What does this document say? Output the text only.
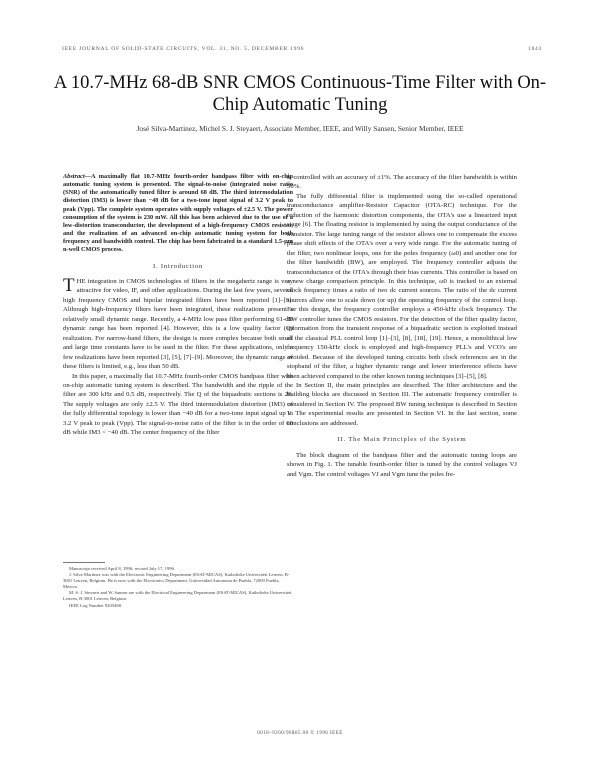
IEEE JOURNAL OF SOLID-STATE CIRCUITS, VOL. 31, NO. 5, DECEMBER 1996	1843
A 10.7-MHz 68-dB SNR CMOS Continuous-Time Filter with On-Chip Automatic Tuning
José Silva-Martinez, Michel S. J. Steyaert, Associate Member, IEEE, and Willy Sansen, Senior Member, IEEE

Abstract—A maximally flat 10.7-MHz fourth-order bandpass filter with on-chip automatic tuning system is presented. The signal-to-noise (integrated noise ratio (SNR) of the automatically tuned filter is around 68 dB. The third intermodulation distortion (IM3) is lower than −40 dB for a two-tone input signal of 3.2 V peak to peak (Vpp). The complete system operates with supply voltages of ±2.5 V. The power consumption of the system is 230 mW. All this has been achieved due to the use of a low-distortion transconductor, the development of a high-frequency CMOS resistor, and the realization of an advanced on-chip automatic tuning system for both frequency and bandwidth control. The chip has been fabricated in a standard 1.5-μm n-well CMOS process.

I. Introduction

THE integration in CMOS technologies of filters in the megahertz range is very attractive for video, IF, and other applications. During the last few years, several high frequency CMOS and bipolar integrated filters have been reported [1]–[9]. Although high-frequency filters have been integrated, these realizations present a relatively small dynamic range. Recently, a 4-MHz low pass filter performing 61-dB dynamic range has been reported [4]. However, this is a low quality factor (Q) realization. For narrow-band filters, the design is more complex because both small and large time constants have to be used in the filter. For these applications, only a few realizations have been reported [3], [5], [7]–[9]. Moreover, the dynamic range of these filters is limited, e.g., less than 50 dB.

In this paper, a maximally flat 10.7-MHz fourth-order CMOS bandpass filter with on-chip automatic tuning system is described. The bandwidth and the ripple of the filter are 300 kHz and 0.5 dB, respectively. The Q of the biquadratic sections is 20. The supply voltages are only ±2.5 V. The third intermodulation distortion (IM3) of the fully differential topology is lower than −40 dB for a two-tone input signal up to 3.2 V peak to peak (Vpp). The signal-to-noise ratio of the filter is in the order of 68 dB while IM3 < −40 dB. The center frequency of the filter

Manuscript received April 8, 1996; revised July 17, 1996.

J. Silva-Martinez was with the Electronic Engineering Department (ESAT-MICAS), Katholieke Universiteit Leuven, B-3001 Leuven, Belgium. He is now with the Electronics Department, Universidad Autonoma de Puebla, 72000 Puebla, Mexico.

M. S. J. Steyaert and W. Sansen are with the Electrical Engineering Department (ESAT-MICAS), Katholieke Universiteit Leuven, B-3001 Leuven, Belgium.

IEEE Log Number 9205468.

is controlled with an accuracy of ±1%. The accuracy of the filter bandwidth is within 50%.

The fully differential filter is implemented using the so-called operational transconductance amplifier-Resistor Capacitor (OTA-RC) technique. For the reduction of the harmonic distortion components, the OTA's use a linearized input stage [6]. The floating resistor is implemented by using the output conductance of the transistor. The large tuning range of the resistor allows one to compensate the excess phase shift effects of the OTA's over a very wide range. For the automatic tuning of the filter, two nonlinear loops, one for the poles frequency (ω0) and another one for the filter bandwidth (BW), are employed. The frequency controller adjusts the transconductance of the OTA's through their bias currents. This controller is based on a new charge comparison principle. In this technique, ω0 is tracked to an external clock frequency times a ratio of two dc current sources. The ratio of the dc current sources allow one to scale down (or up) the operating frequency of the control loop. For this design, the frequency controller employs a 450-kHz clock frequency. The BW controller tunes the CMOS resistors. For the detection of the filter quality factor, information from the transient response of a biquadratic section is exploited instead of the classical PLL control loop [1]–[3], [8], [18], [19]. Hence, a monolithical low frequency 150-kHz clock is employed and high-frequency PLL's and VCO's are avoided. Because of the developed tuning circuits both clock references are in the stopband of the filter, a higher dynamic range and lower interference effects have been achieved compared to the other known tuning techniques [3]–[5], [8].

In Section II, the main principles are described. The filter architecture and the building blocks are discussed in Section III. The automatic frequency controller is considered in Section IV. The proposed BW tuning technique is described in Section V. The experimental results are presented in Section VI. In the last section, some conclusions are addressed.

II. The Main Principles of the System

The block diagram of the bandpass filter and the automatic tuning loops are shown in Fig. 1. The tunable fourth-order filter is tuned by the control voltages VJ and Vgm. The control voltages VJ and Vgm tune the poles fre-

0018–9200/96$05.00 © 1996 IEEE
